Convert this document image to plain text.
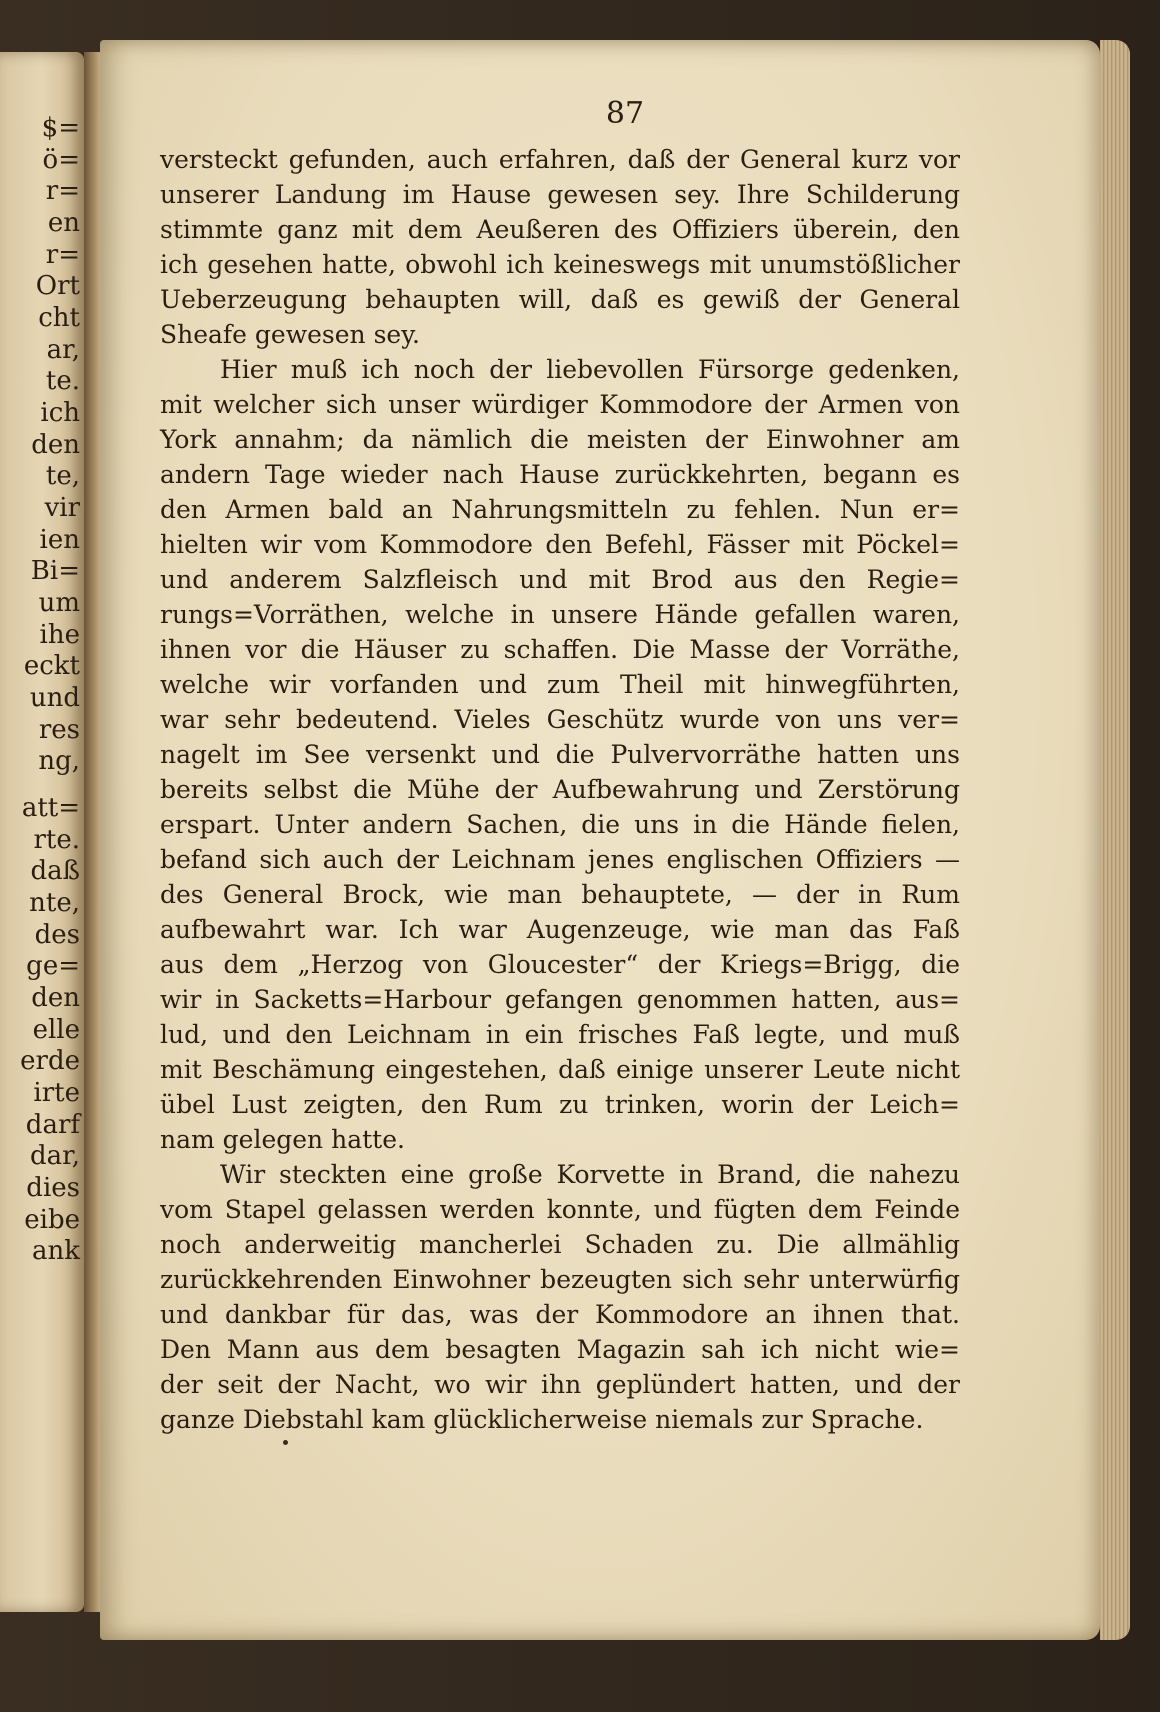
$=
ö=
r=
en
r=
Ort
cht
ar,
te.
ich
den
te,
vir
ien
Bi=
um
ihe
eckt
und
res
ng,
att=
rte.
daß
nte,
des
ge=
den
elle
erde
irte
darf
dar,
dies
eibe
ank
87
versteckt gefunden, auch erfahren, daß der General kurz vor
unserer Landung im Hause gewesen sey. Ihre Schilderung
stimmte ganz mit dem Aeußeren des Offiziers überein, den
ich gesehen hatte, obwohl ich keineswegs mit unumstößlicher
Ueberzeugung behaupten will, daß es gewiß der General
Sheafe gewesen sey.
Hier muß ich noch der liebevollen Fürsorge gedenken,
mit welcher sich unser würdiger Kommodore der Armen von
York annahm; da nämlich die meisten der Einwohner am
andern Tage wieder nach Hause zurückkehrten, begann es
den Armen bald an Nahrungsmitteln zu fehlen. Nun er=
hielten wir vom Kommodore den Befehl, Fässer mit Pöckel=
und anderem Salzfleisch und mit Brod aus den Regie=
rungs=Vorräthen, welche in unsere Hände gefallen waren,
ihnen vor die Häuser zu schaffen. Die Masse der Vorräthe,
welche wir vorfanden und zum Theil mit hinwegführten,
war sehr bedeutend. Vieles Geschütz wurde von uns ver=
nagelt im See versenkt und die Pulvervorräthe hatten uns
bereits selbst die Mühe der Aufbewahrung und Zerstörung
erspart. Unter andern Sachen, die uns in die Hände fielen,
befand sich auch der Leichnam jenes englischen Offiziers —
des General Brock, wie man behauptete, — der in Rum
aufbewahrt war. Ich war Augenzeuge, wie man das Faß
aus dem „Herzog von Gloucester“ der Kriegs=Brigg, die
wir in Sacketts=Harbour gefangen genommen hatten, aus=
lud, und den Leichnam in ein frisches Faß legte, und muß
mit Beschämung eingestehen, daß einige unserer Leute nicht
übel Lust zeigten, den Rum zu trinken, worin der Leich=
nam gelegen hatte.
Wir steckten eine große Korvette in Brand, die nahezu
vom Stapel gelassen werden konnte, und fügten dem Feinde
noch anderweitig mancherlei Schaden zu. Die allmählig
zurückkehrenden Einwohner bezeugten sich sehr unterwürfig
und dankbar für das, was der Kommodore an ihnen that.
Den Mann aus dem besagten Magazin sah ich nicht wie=
der seit der Nacht, wo wir ihn geplündert hatten, und der
ganze Diebstahl kam glücklicherweise niemals zur Sprache.
